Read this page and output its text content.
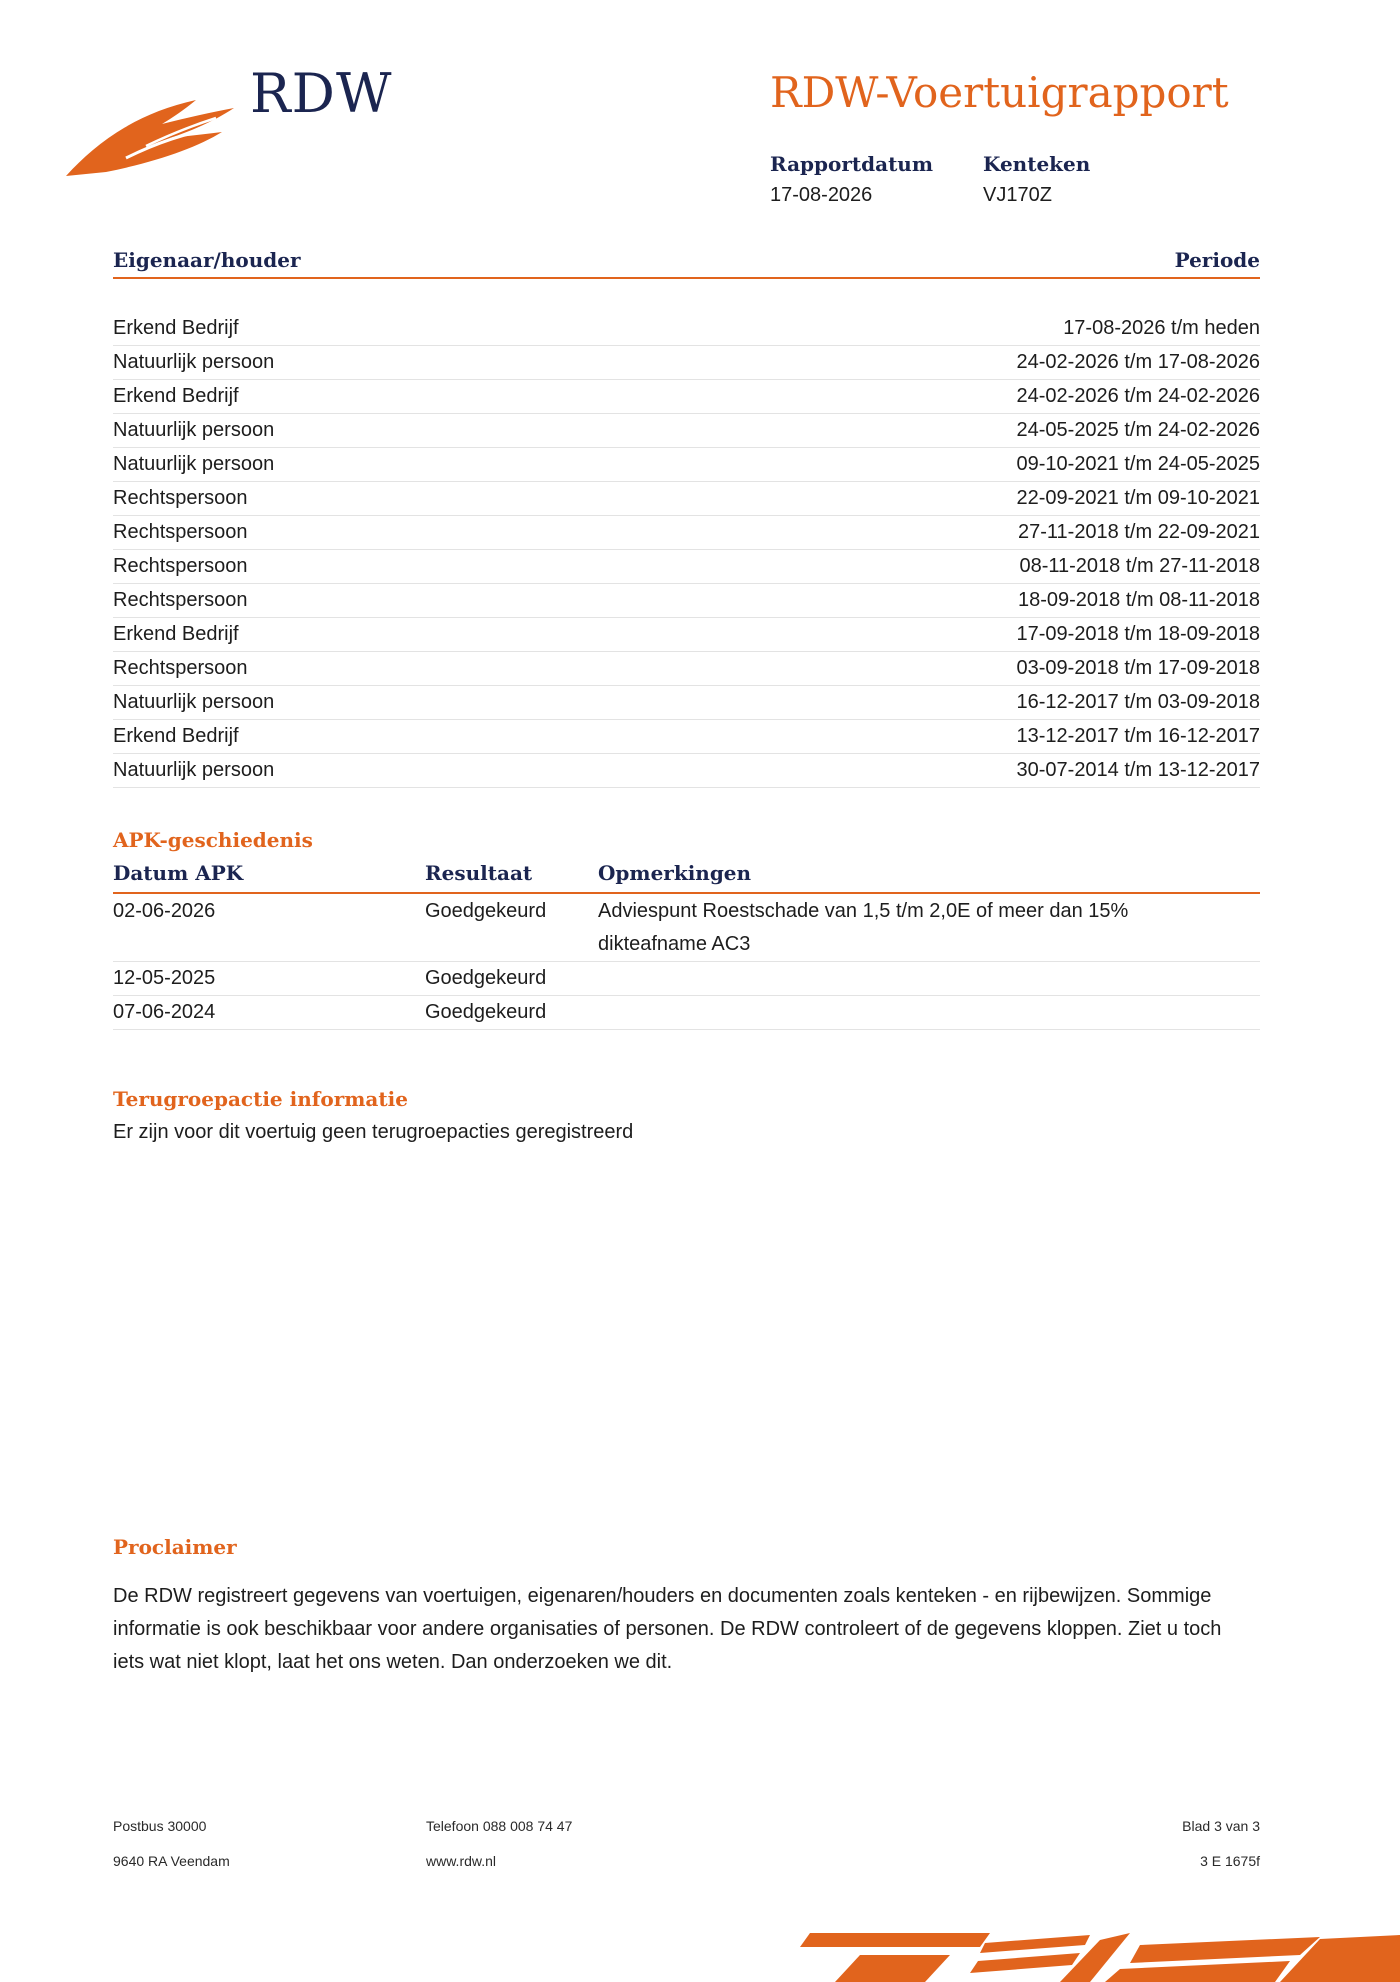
RDW	RDW-Voertuigrapport
Rapportdatum
17-08-2026
Kenteken
VJ170Z
Eigenaar/houder	Periode
Erkend Bedrijf	17-08-2026 t/m heden
Natuurlijk persoon	24-02-2026 t/m 17-08-2026
Erkend Bedrijf	24-02-2026 t/m 24-02-2026
Natuurlijk persoon	24-05-2025 t/m 24-02-2026
Natuurlijk persoon	09-10-2021 t/m 24-05-2025
Rechtspersoon	22-09-2021 t/m 09-10-2021
Rechtspersoon	27-11-2018 t/m 22-09-2021
Rechtspersoon	08-11-2018 t/m 27-11-2018
Rechtspersoon	18-09-2018 t/m 08-11-2018
Erkend Bedrijf	17-09-2018 t/m 18-09-2018
Rechtspersoon	03-09-2018 t/m 17-09-2018
Natuurlijk persoon	16-12-2017 t/m 03-09-2018
Erkend Bedrijf	13-12-2017 t/m 16-12-2017
Natuurlijk persoon	30-07-2014 t/m 13-12-2017
APK-geschiedenis
Datum APK	Resultaat	Opmerkingen
02-06-2026	Goedgekeurd	Adviespunt Roestschade van 1,5 t/m 2,0E of meer dan 15% dikteafname AC3
12-05-2025	Goedgekeurd
07-06-2024	Goedgekeurd
Terugroepactie informatie
Er zijn voor dit voertuig geen terugroepacties geregistreerd
Proclaimer
De RDW registreert gegevens van voertuigen, eigenaren/houders en documenten zoals kenteken - en rijbewijzen. Sommige informatie is ook beschikbaar voor andere organisaties of personen. De RDW controleert of de gegevens kloppen. Ziet u toch iets wat niet klopt, laat het ons weten. Dan onderzoeken we dit.
Postbus 30000
9640 RA Veendam
Telefoon 088 008 74 47
www.rdw.nl
Blad 3 van 3
3 E 1675f
